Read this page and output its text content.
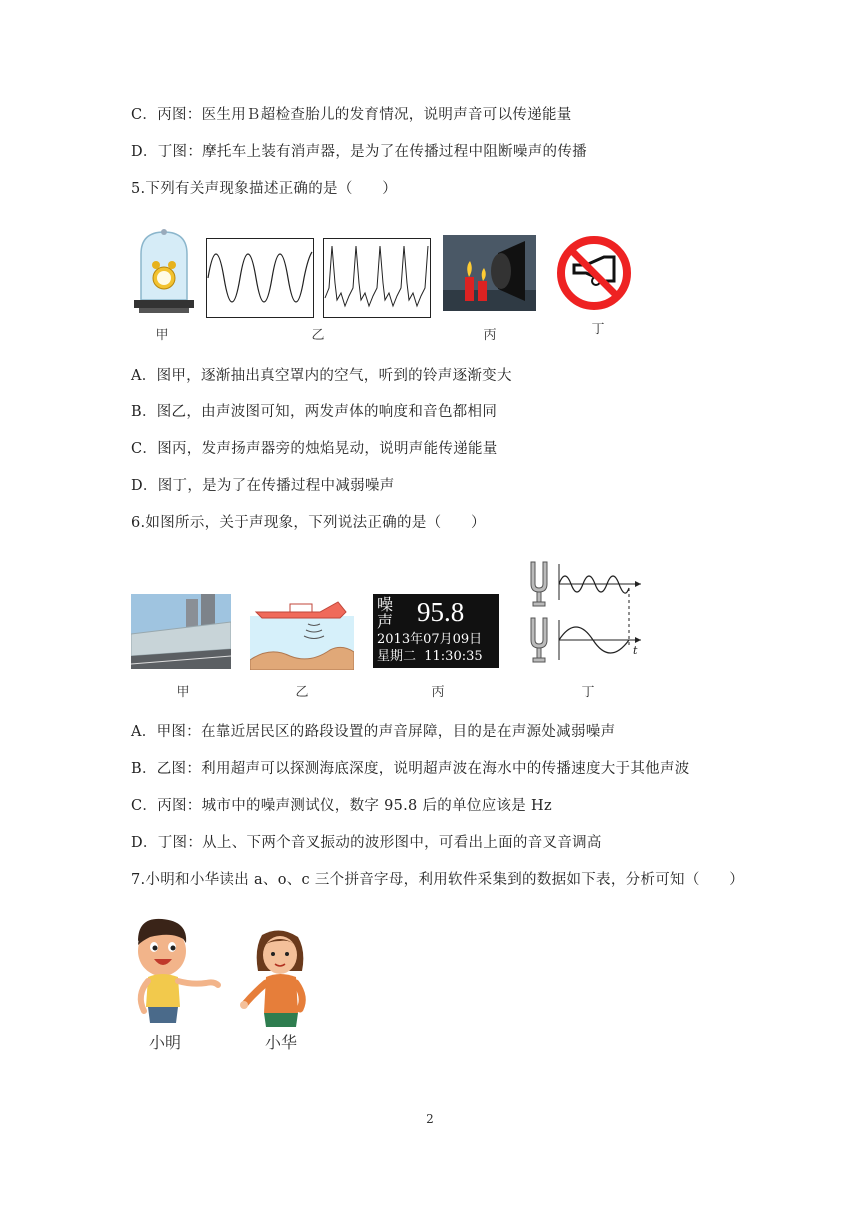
C．丙图：医生用Ｂ超检查胎儿的发育情况，说明声音可以传递能量
D．丁图：摩托车上装有消声器，是为了在传播过程中阻断噪声的传播
5.下列有关声现象描述正确的是（　　）
甲	乙	丙	丁
A．图甲，逐渐抽出真空罩内的空气，听到的铃声逐渐变大
B．图乙，由声波图可知，两发声体的响度和音色都相同
C．图丙，发声扬声器旁的烛焰晃动，说明声能传递能量
D．图丁，是为了在传播过程中减弱噪声
6.如图所示，关于声现象，下列说法正确的是（　　）
噪
声 95.8
2013年07月09日
星期二  11:30:35	t
甲	乙	丙	丁
A．甲图：在靠近居民区的路段设置的声音屏障，目的是在声源处减弱噪声
B．乙图：利用超声可以探测海底深度，说明超声波在海水中的传播速度大于其他声波
C．丙图：城市中的噪声测试仪，数字 95.8 后的单位应该是 Hz
D．丁图：从上、下两个音叉振动的波形图中，可看出上面的音叉音调高
7.小明和小华读出 a、o、c 三个拼音字母，利用软件采集到的数据如下表，分析可知（　　）
小明	小华
2
